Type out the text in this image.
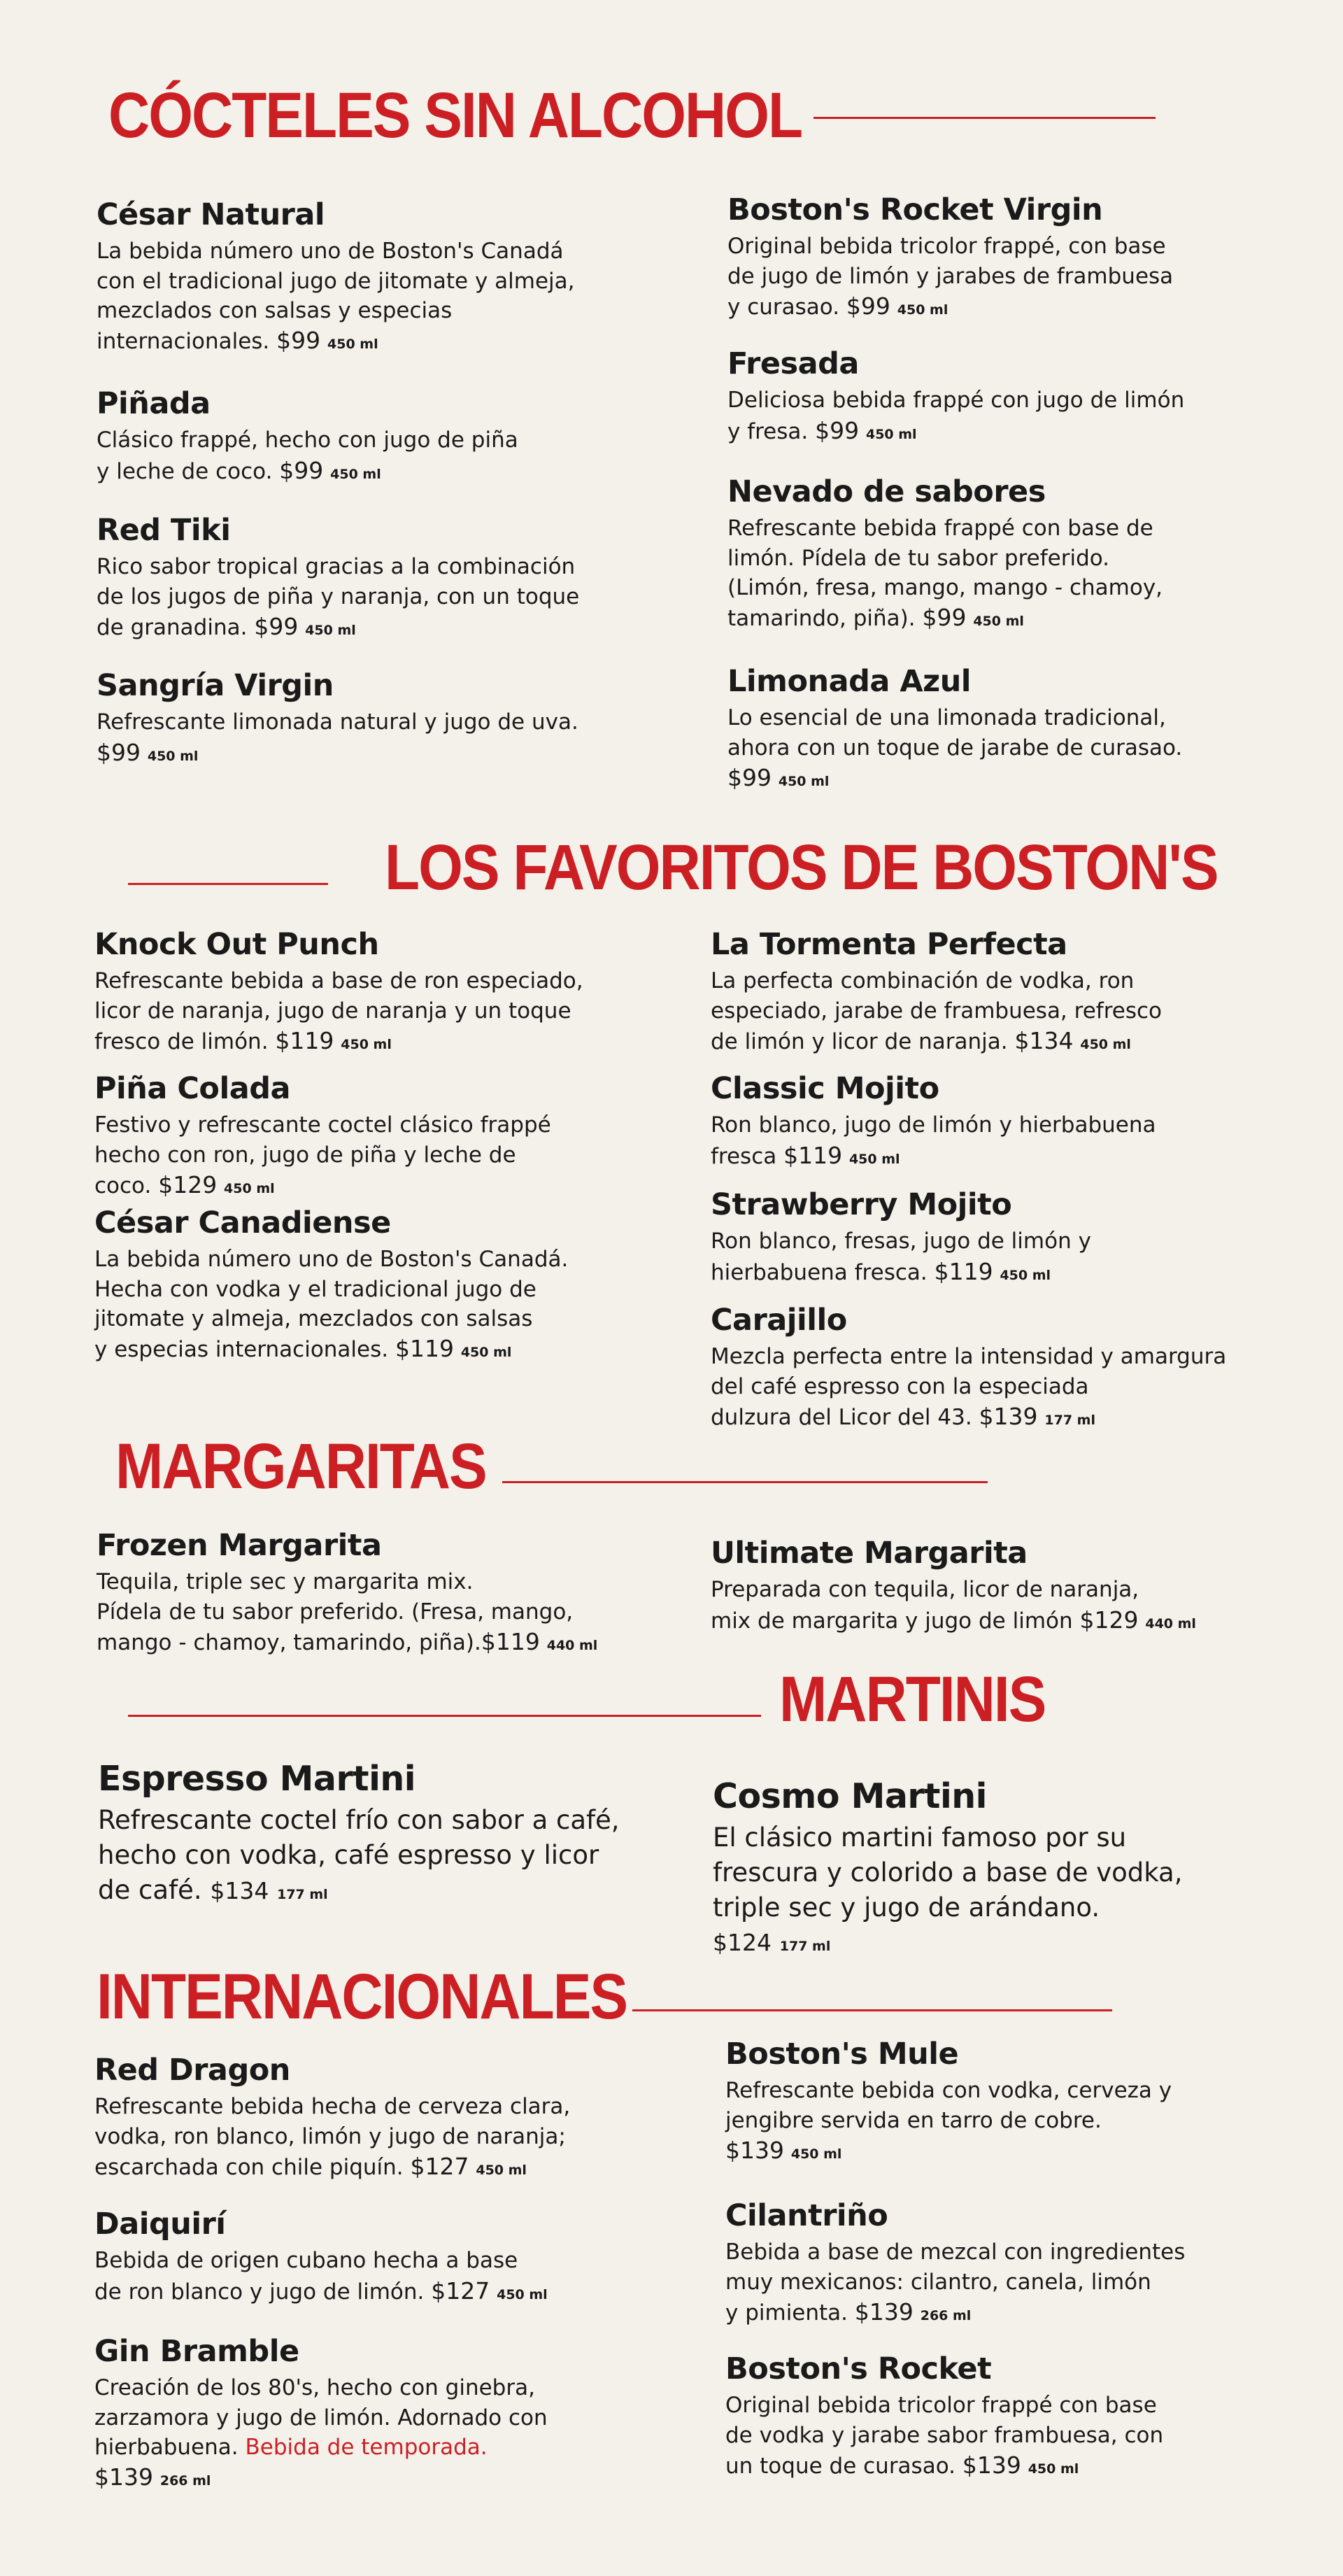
CÓCTELES SIN ALCOHOL
César Natural

La bebida número uno de Boston's Canadá
con el tradicional jugo de jitomate y almeja,
mezclados con salsas y especias
internacionales. $99 450 ml

Piñada

Clásico frappé, hecho con jugo de piña
y leche de coco. $99 450 ml

Red Tiki

Rico sabor tropical gracias a la combinación
de los jugos de piña y naranja, con un toque
de granadina. $99 450 ml

Sangría Virgin

Refrescante limonada natural y jugo de uva.
$99 450 ml

Boston's Rocket Virgin

Original bebida tricolor frappé, con base
de jugo de limón y jarabes de frambuesa
y curasao. $99 450 ml

Fresada

Deliciosa bebida frappé con jugo de limón
y fresa. $99 450 ml

Nevado de sabores

Refrescante bebida frappé con base de
limón. Pídela de tu sabor preferido.
(Limón, fresa, mango, mango - chamoy,
tamarindo, piña). $99 450 ml

Limonada Azul

Lo esencial de una limonada tradicional,
ahora con un toque de jarabe de curasao.
$99 450 ml

LOS FAVORITOS DE BOSTON'S
Knock Out Punch

Refrescante bebida a base de ron especiado,
licor de naranja, jugo de naranja y un toque
fresco de limón. $119 450 ml

Piña Colada

Festivo y refrescante coctel clásico frappé
hecho con ron, jugo de piña y leche de
coco. $129 450 ml

César Canadiense

La bebida número uno de Boston's Canadá.
Hecha con vodka y el tradicional jugo de
jitomate y almeja, mezclados con salsas
y especias internacionales. $119 450 ml

La Tormenta Perfecta

La perfecta combinación de vodka, ron
especiado, jarabe de frambuesa, refresco
de limón y licor de naranja. $134 450 ml

Classic Mojito

Ron blanco, jugo de limón y hierbabuena
fresca $119 450 ml

Strawberry Mojito

Ron blanco, fresas, jugo de limón y
hierbabuena fresca. $119 450 ml

Carajillo

Mezcla perfecta entre la intensidad y amargura
del café espresso con la especiada
dulzura del Licor del 43. $139 177 ml

MARGARITAS
Frozen Margarita

Tequila, triple sec y margarita mix.
Pídela de tu sabor preferido. (Fresa, mango,
mango - chamoy, tamarindo, piña).$119 440 ml

Ultimate Margarita

Preparada con tequila, licor de naranja,
mix de margarita y jugo de limón $129 440 ml

MARTINIS
Espresso Martini

Refrescante coctel frío con sabor a café,
hecho con vodka, café espresso y licor
de café. $134 177 ml

Cosmo Martini

El clásico martini famoso por su
frescura y colorido a base de vodka,
triple sec y jugo de arándano.
$124 177 ml

INTERNACIONALES
Red Dragon

Refrescante bebida hecha de cerveza clara,
vodka, ron blanco, limón y jugo de naranja;
escarchada con chile piquín. $127 450 ml

Daiquirí

Bebida de origen cubano hecha a base
de ron blanco y jugo de limón. $127 450 ml

Gin Bramble

Creación de los 80's, hecho con ginebra,
zarzamora y jugo de limón. Adornado con
hierbabuena. Bebida de temporada.
$139 266 ml

Boston's Mule

Refrescante bebida con vodka, cerveza y
jengibre servida en tarro de cobre.
$139 450 ml

Cilantriño

Bebida a base de mezcal con ingredientes
muy mexicanos: cilantro, canela, limón
y pimienta. $139 266 ml

Boston's Rocket

Original bebida tricolor frappé con base
de vodka y jarabe sabor frambuesa, con
un toque de curasao. $139 450 ml
